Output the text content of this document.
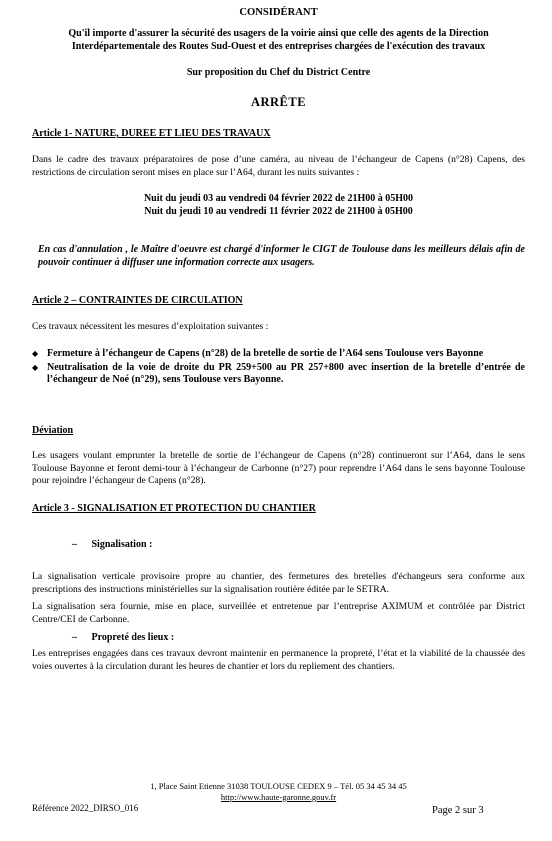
CONSIDÉRANT

Qu'il importe d'assurer la sécurité des usagers de la voirie ainsi que celle des agents de la Direction Interdépartementale des Routes Sud-Ouest et des entreprises chargées de l'exécution des travaux

Sur proposition du Chef du District Centre

ARRÊTE

Article 1- NATURE, DUREE ET LIEU DES TRAVAUX

Dans le cadre des travaux préparatoires de pose d’une caméra, au niveau de l’échangeur de Capens (n°28) Capens, des restrictions de circulation seront mises en place sur l’A64, durant les nuits suivantes :

Nuit du jeudi 03 au vendredi 04 février 2022 de 21H00 à 05H00

Nuit du jeudi 10 au vendredi 11 février 2022 de 21H00 à 05H00

En cas d'annulation , le Maître d'oeuvre est chargé d'informer le CIGT de Toulouse dans les meilleurs délais afin de pouvoir continuer à diffuser une information correcte aux usagers.

Article 2 – CONTRAINTES DE CIRCULATION

Ces travaux nécessitent les mesures d’exploitation suivantes :

◆ Fermeture à l’échangeur de Capens (n°28) de la bretelle de sortie de l’A64 sens Toulouse vers Bayonne
◆ Neutralisation de la voie de droite du PR 259+500 au PR 257+800 avec insertion de la bretelle d’entrée de l’échangeur de Noé (n°29), sens Toulouse vers Bayonne.

Déviation

Les usagers voulant emprunter la bretelle de sortie de l’échangeur de Capens (n°28) continueront sur l’A64, dans le sens Toulouse Bayonne et feront demi-tour à l’échangeur de Carbonne (n°27) pour reprendre l’A64 dans le sens bayonne Toulouse pour rejoindre l’échangeur de Capens (n°28).

Article 3 - SIGNALISATION ET PROTECTION DU CHANTIER

– Signalisation :

La signalisation verticale provisoire propre au chantier, des fermetures des bretelles d'échangeurs sera conforme aux prescriptions des instructions ministérielles sur la signalisation routière éditée par le SETRA.

La signalisation sera fournie, mise en place, surveillée et entretenue par l’entreprise AXIMUM et contrôlée par District Centre/CEI de Carbonne.

– Propreté des lieux :

Les entreprises engagées dans ces travaux devront maintenir en permanence la propreté, l’état et la viabilité de la chaussée des voies ouvertes à la circulation durant les heures de chantier et lors du repliement des chantiers.

1, Place Saint Etienne 31038 TOULOUSE CEDEX 9 – Tél. 05 34 45 34 45
http://www.haute-garonne.gouv.fr
Référence 2022_DIRSO_016	Page 2 sur 3
